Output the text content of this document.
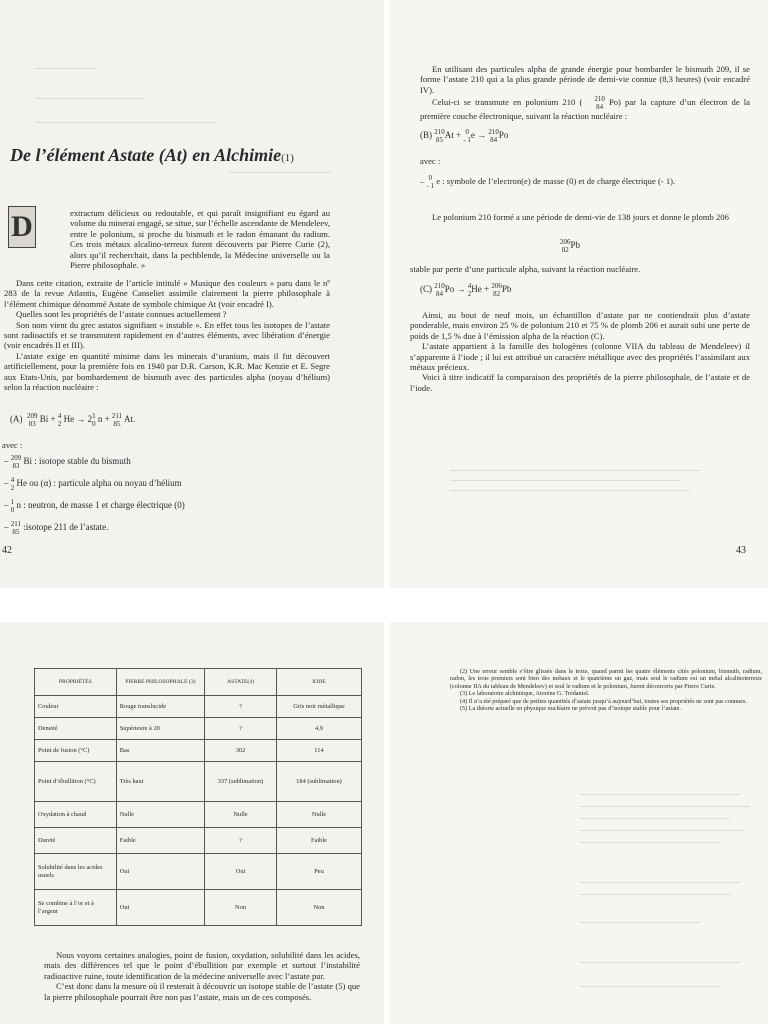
De l’élément Astate (At) en Alchimie(1)
D	extractum délicieux ou redoutable, et qui paraît insignifiant eu égard au volume du minerai engagé, se situe, sur l’échelle ascendante de Mendeleev, entre le polonium, si proche du bismuth et le radon émanant du radium. Ces trois métaux alcalino-terreux furent découverts par Pierre Curie (2), alors qu’il recherchait, dans la pechblende, la Médecine universelle ou la Pierre philosophale. »

Dans cette citation, extraite de l’article intitulé « Musique des couleurs » paru dans le nº 283 de la revue Atlantis, Eugène Canseliet assimile clairement la pierre philosophale à l’élément chimique dénommé Astate de symbole chimique At (voir encadré I).

Quelles sont les propriétés de l’astate connues actuellement ?

Son nom vient du grec astatos signifiant « instable ». En effet tous les isotopes de l’astate sont radioactifs et se transmutent rapidement en d’autres éléments, avec libération d’énergie (voir encadrés II et III).

L’astate exige en quantité minime dans les minerais d’uranium, mais il fut découvert artificiellement, pour la première fois en 1940 par D.R. Carson, K.R. Mac Kenzie et E. Segre aux Etats-Unis, par bombardement de bismuth avec des particules alpha (noyau d’hélium) selon la réaction nucléaire :

(A) 209
83 Bi + 4
2 He → 2 1
0 n + 211
85 At.
avec :
– 209
83 Bi : isotope stable du bismuth
– 4
2 He ou (α) : particule alpha ou noyau d’hélium
– 1
0 n : neutron, de masse 1 et charge électrique (0)
– 211
85 :isotope 211 de l’astate.
42

En utilisant des particules alpha de grande énergie pour bombarder le bismuth 209, il se forme l’astate 210 qui a la plus grande période de demi-vie connue (8,3 heures) (voir encadré IV).

Celui-ci se transmute en polonium 210 (	210
84
Po) par la capture d’un électron de la première couche électronique, suivant la réaction nucléaire :

(B) 210
85 At + 0
- 1 e → 210
84 Po
avec :
– 0
- 1
e : symbole de l’electron(e) de masse (0) et de charge électrique (- 1).

Le polonium 210 formé a une période de demi-vie de 138 jours et donne le plomb 206

206
82 Pb
stable par perte d’une particule alpha, suivant la réaction nucléaire.
(C) 210
84 Po → 4
2 He + 206
82 Pb

Ainsi, au bout de neuf mois, un échantillon d’astate par ne contiendrait plus d’astate ponderable, mais environ 25 % de polonium 210 et 75 % de plomb 206 et aurait subi une perte de poids de 1,5 % due à l’émission alpha de la réaction (C).

L’astate appartient à la famille des hologènes (colonne VIIA du tableau de Mendeleev) il s’apparente à l’iode ; il lui est attribué un caractère métallique avec des propriétés l’assimilant aux métaux précieux.

Voici à titre indicatif la comparaison des propriétés de la pierre philosophale, de l’astate et de l’iode.

43
PROPRIÉTÉS	PIERRE PHILOSOPHALE (3)	ASTATE(4)	IODE
Couleur	Rouge translucide	?	Gris noir métallique
Densité	Supérieure à 20	?	4,9
Point de fusion (°C)	Bas	302	114
Point d’ébullition (°C)	Très haut	337 (sublimation)	184 (sublimation)
Oxydation à chaud	Nulle	Nulle	Nulle
Dureté	Faible	?	Faible
Solubilité dans les acides usuels	Oui	Oui	Peu
Se combine à l’or et à l’argent	Oui	Non	Non

Nous voyons certaines analogies, point de fusion, oxydation, solubilité dans les acides, mais des différences tel que le point d’ébullition par exemple et surtout l’instabilité radioactive ruine, toute identification de la médecine universelle avec l’astate pur.

C’est donc dans la mesure où il resterait à découvrir un isotope stable de l’astate (5) que la pierre philosophale pourrait être non pas l’astate, mais un de ces composés.

(2) Une erreur semble s’être glissée dans le texte, quand parmi les quatre éléments cités polonium, bismuth, radium, radon, les trois premiers sont bien des métaux et le quatrième un gaz, mais seul le radium est un métal alcalinoterreux (colonne IIA du tableau de Mendeleev) et seul le radium et le polonium, furent découverts par Pierre Curie.

(3) Le laboratoire alchimique, Atorène G. Trédaniel.

(4) Il n’a été préparé que de petites quantités d’astate jusqu’à aujourd’hui, toutes ses propriétés ne sont pas connues.

(5) La théorie actuelle en physique nucléaire ne prévoit pas d’isotope stable pour l’astate.
